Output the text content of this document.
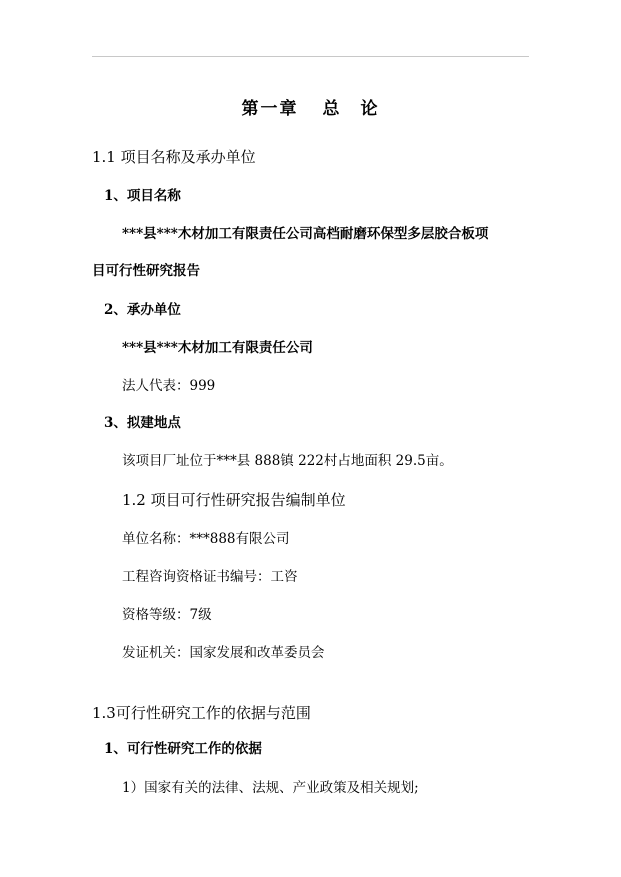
第一章 总　论
1.1 项目名称及承办单位
1、项目名称
***县***木材加工有限责任公司高档耐磨环保型多层胶合板项
目可行性研究报告
2、承办单位
***县***木材加工有限责任公司
法人代表：999
3、拟建地点
该项目厂址位于***县 888镇 222村占地面积 29.5亩。
1.2 项目可行性研究报告编制单位
单位名称：***888有限公司
工程咨询资格证书编号：工咨
资格等级：7级
发证机关：国家发展和改革委员会
1.3可行性研究工作的依据与范围
1、可行性研究工作的依据
1）国家有关的法律、法规、产业政策及相关规划;
